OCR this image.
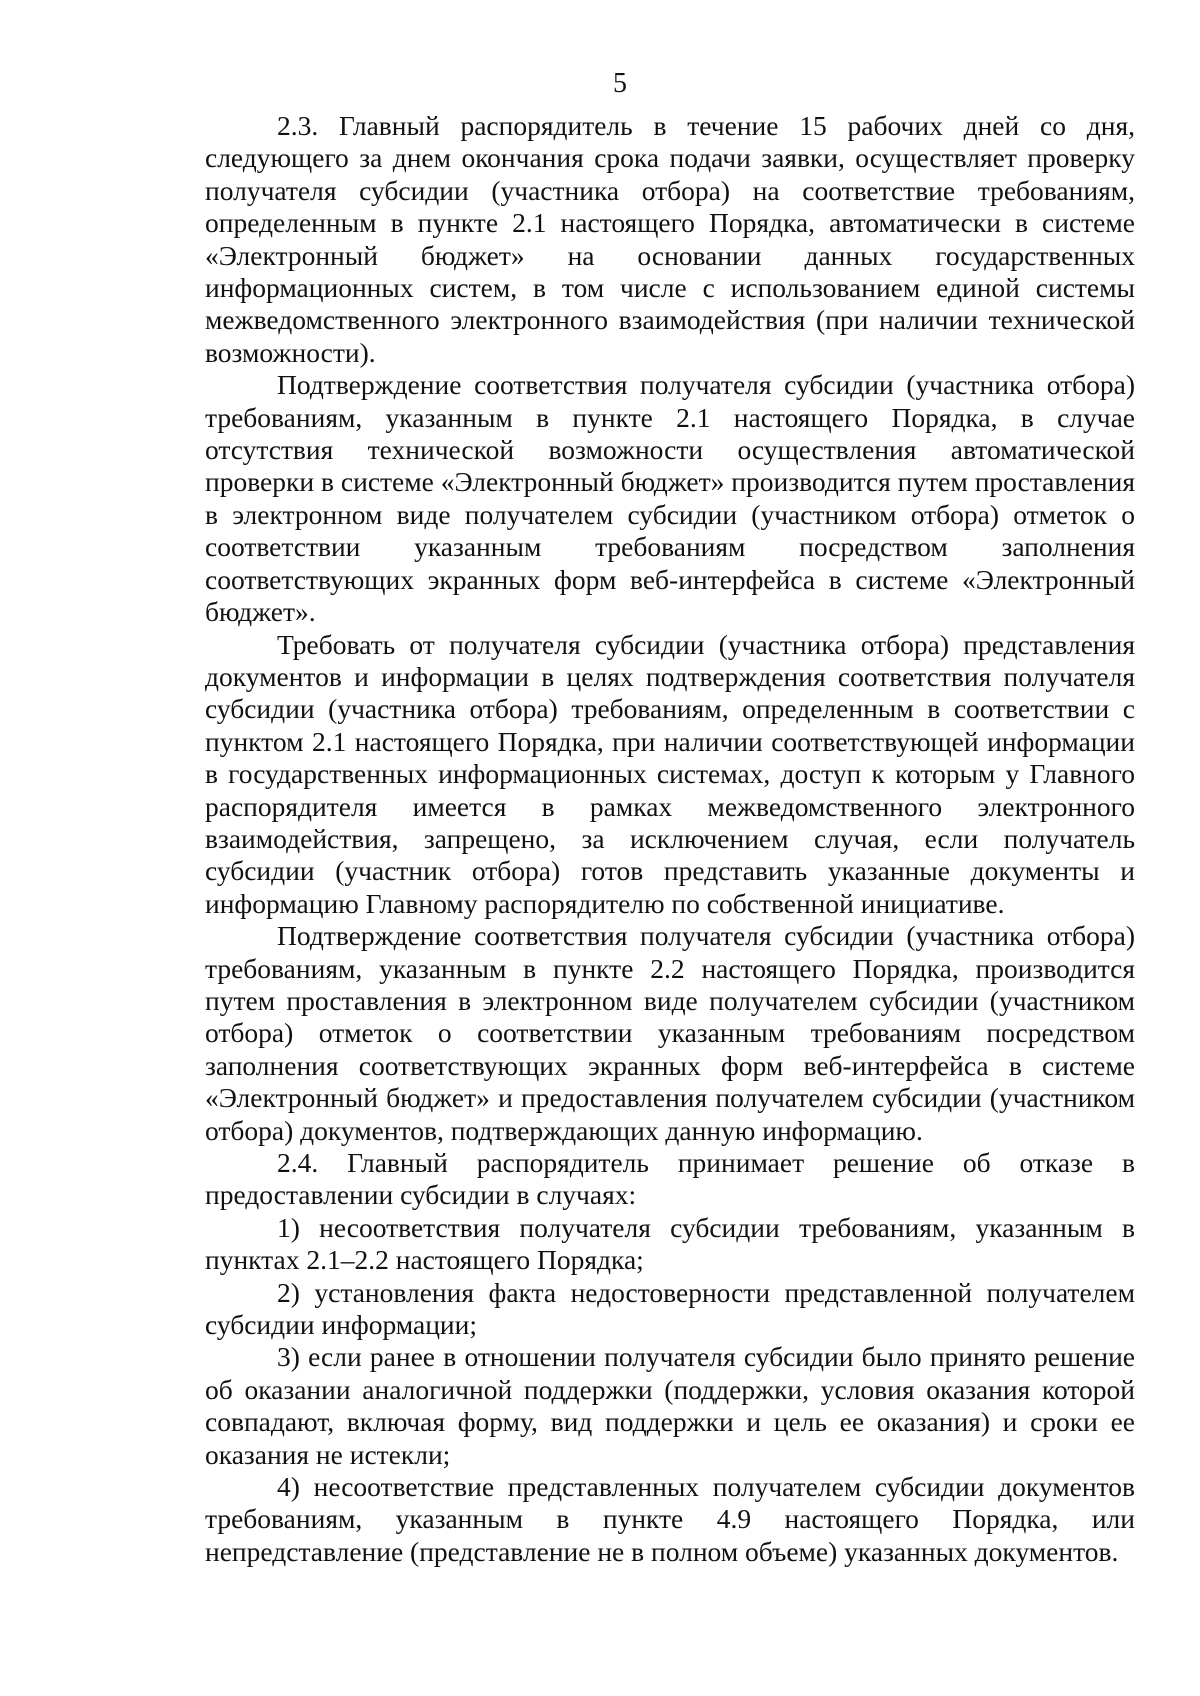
5

2.3. Главный распорядитель в течение 15 рабочих дней со дня, следующего за днем окончания срока подачи заявки, осуществляет проверку получателя субсидии (участника отбора) на соответствие требованиям, определенным в пункте 2.1 настоящего Порядка, автоматически в системе «Электронный бюджет» на основании данных государственных информационных систем, в том числе с использованием единой системы межведомственного электронного взаимодействия (при наличии технической возможности).

Подтверждение соответствия получателя субсидии (участника отбора) требованиям, указанным в пункте 2.1 настоящего Порядка, в случае отсутствия технической возможности осуществления автоматической проверки в системе «Электронный бюджет» производится путем проставления в электронном виде получателем субсидии (участником отбора) отметок о соответствии указанным требованиям посредством заполнения соответствующих экранных форм веб-интерфейса в системе «Электронный бюджет».

Требовать от получателя субсидии (участника отбора) представления документов и информации в целях подтверждения соответствия получателя субсидии (участника отбора) требованиям, определенным в соответствии с пунктом 2.1 настоящего Порядка, при наличии соответствующей информации в государственных информационных системах, доступ к которым у Главного распорядителя имеется в рамках межведомственного электронного взаимодействия, запрещено, за исключением случая, если получатель субсидии (участник отбора) готов представить указанные документы и информацию Главному распорядителю по собственной инициативе.

Подтверждение соответствия получателя субсидии (участника отбора) требованиям, указанным в пункте 2.2 настоящего Порядка, производится путем проставления в электронном виде получателем субсидии (участником отбора) отметок о соответствии указанным требованиям посредством заполнения соответствующих экранных форм веб-интерфейса в системе «Электронный бюджет» и предоставления получателем субсидии (участником отбора) документов, подтверждающих данную информацию.

2.4. Главный распорядитель принимает решение об отказе в предоставлении субсидии в случаях:

1) несоответствия получателя субсидии требованиям, указанным в пунктах 2.1–2.2 настоящего Порядка;

2) установления факта недостоверности представленной получателем субсидии информации;

3) если ранее в отношении получателя субсидии было принято решение об оказании аналогичной поддержки (поддержки, условия оказания которой совпадают, включая форму, вид поддержки и цель ее оказания) и сроки ее оказания не истекли;

4) несоответствие представленных получателем субсидии документов требованиям, указанным в пункте 4.9 настоящего Порядка, или непредставление (представление не в полном объеме) указанных документов.
